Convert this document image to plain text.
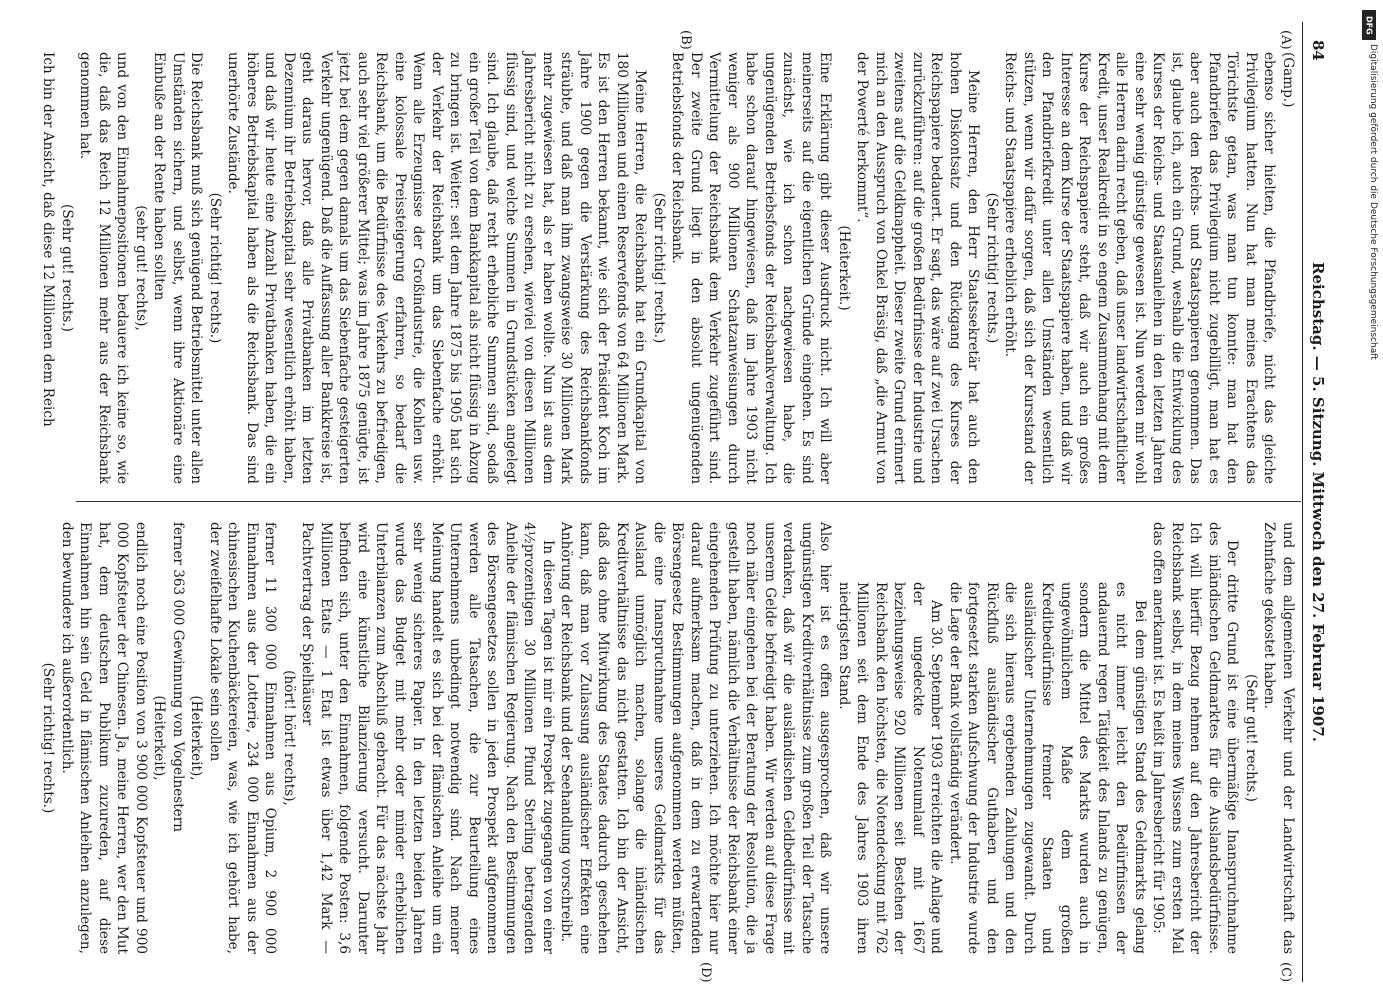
84
Reichstag. — 5. Sitzung. Mittwoch den 27. Februar 1907.
(A)
(B)
(C)
(D)

(Gamp.)

ebenso sicher hielten, die Pfandbriefe, nicht das gleiche Privilegium hatten. Nun hat man meines Erachtens das Törichtste getan, was man tun konnte: man hat den Pfandbriefen das Privilegium nicht zugebilligt, man hat es aber auch den Reichs- und Staatspapieren genommen. Das ist, glaube ich, auch ein Grund, weshalb die Entwicklung des Kurses der Reichs- und Staatsanleihen in den letzten Jahren eine sehr wenig günstige gewesen ist. Nun werden mir wohl alle Herren darin recht geben, daß unser landwirtschaftlicher Kredit, unser Realkredit in so engem Zusammenhang mit dem Kurse der Reichspapiere steht, daß wir auch ein großes Interesse an dem Kurse der Staatspapiere haben, und daß wir den Pfandbriefkredit unter allen Umständen wesentlich stützen, wenn wir dafür sorgen, daß sich der Kursstand der Reichs- und Staatspapiere erheblich erhöht.

(Sehr richtig! rechts.)

Meine Herren, den Herr Staatssekretär hat auch den hohen Diskontsatz und den Rückgang des Kurses der Reichspapiere bedauert. Er sagt, das wäre auf zwei Ursachen zurückzuführen: auf die großen Bedürfnisse der Industrie und zweitens auf die Geldknappheit. Dieser zweite Grund erinnert mich an den Ausspruch von Onkel Bräsig, daß „die Armut von der Powerté herkommt“.

(Heiterkeit.)

Eine Erklärung gibt dieser Ausdruck nicht. Ich will aber meinerseits auf die eigentlichen Gründe eingehen. Es sind zunächst, wie ich schon nachgewiesen habe, die ungenügenden Betriebsfonds der Reichsbankverwaltung. Ich habe schon darauf hingewiesen, daß im Jahre 1903 nicht weniger als 900 Millionen Schatzanweisungen durch Vermittelung der Reichsbank dem Verkehr zugeführt sind. Der zweite Grund liegt in den absolut ungenügenden Betriebsfonds der Reichsbank.

(Sehr richtig! rechts.)

Meine Herren, die Reichsbank hat ein Grundkapital von 180 Millionen und einen Reservefonds von 64 Millionen Mark. Es ist den Herren bekannt, wie sich der Präsident Koch im Jahre 1900 gegen die Verstärkung des Reichsbankfonds sträubte, und daß man ihm zwangsweise 30 Millionen Mark mehr zugewiesen hat, als er haben wollte. Nun ist aus dem Jahresbericht nicht zu ersehen, wieviel von diesen Millionen flüssig sind, und welche Summen in Grundstücken angelegt sind. Ich glaube, daß recht erhebliche Summen sind, sodaß ein großer Teil von dem Bankkapital als nicht flüssig in Abzug zu bringen ist. Weiter: seit dem Jahre 1875 bis 1905 hat sich der Verkehr der Reichsbank um das Siebenfache erhöht. Wenn alle Erzeugnisse der Großindustrie, die Kohlen usw. eine kolossale Preissteigerung erfahren, so bedarf die Reichsbank, um die Bedürfnisse des Verkehrs zu befriedigen, auch sehr viel größerer Mittel; was im Jahre 1875 genügte, ist jetzt bei dem gegen damals um das Siebenfache gesteigerten Verkehr ungenügend. Daß die Auffassung aller Bankkreise ist, geht daraus hervor, daß alle Privatbanken im letzten Dezennium ihr Betriebskapital sehr wesentlich erhöht haben, und daß wir heute eine Anzahl Privatbanken haben, die ein höheres Betriebskapital haben als die Reichsbank. Das sind unerhörte Zustände.

(Sehr richtig! rechts.)

Die Reichsbank muß sich genügend Betriebsmittel unter allen Umständen sichern, und selbst, wenn ihre Aktionäre eine Einbuße an der Rente haben sollten

(sehr gut! rechts),

und von den Einnahmepositionen bedauere ich keine so, wie die, daß das Reich 12 Millionen mehr aus der Reichsbank genommen hat.

(Sehr gut! rechts.)

Ich bin der Ansicht, daß diese 12 Millionen dem Reich

und dem allgemeinen Verkehr und der Landwirtschaft das Zehnfache gekostet haben.

(Sehr gut! rechts.)

Der dritte Grund ist eine übermäßige Inanspruchnahme des inländischen Geldmarktes für die Auslandsbedürfnisse. Ich will hierfür Bezug nehmen auf den Jahresbericht der Reichsbank selbst, in dem meines Wissens zum ersten Mal das offen anerkannt ist. Es heißt im Jahresbericht für 1905:

Bei dem günstigen Stand des Geldmarkts gelang es nicht immer leicht den Bedürfnissen der andauernd regen Tätigkeit des Inlands zu genügen, sondern die Mittel des Markts wurden auch in ungewöhnlichem Maße dem großen Kreditbedürfnisse fremder Staaten und ausländischer Unternehmungen zugewandt. Durch die sich hieraus ergebenden Zahlungen und den Rückfluß ausländischer Guthaben und den fortgesetzt starken Aufschwung der Industrie wurde die Lage der Bank vollständig verändert.

Am 30. September 1903 erreichten die Anlage und der ungedeckte Notenumlauf mit 1667 beziehungsweise 920 Millionen seit Bestehen der Reichsbank den höchsten, die Notendeckung mit 762 Millionen seit dem Ende des Jahres 1903 ihren niedrigsten Stand.

Also hier ist es offen ausgesprochen, daß wir unsere ungünstigen Kreditverhältnisse zum großen Teil der Tatsache verdanken, daß wir die ausländischen Geldbedürfnisse mit unserem Gelde befriedigt haben. Wir werden auf diese Frage noch näher eingehen bei der Beratung der Resolution, die ja gestellt haben, nämlich die Verhältnisse der Reichsbank einer eingehenden Prüfung zu unterziehen. Ich möchte hier nur darauf aufmerksam machen, daß in dem zu erwartenden Börsengesetz Bestimmungen aufgenommen werden müßten, die eine Inanspruchnahme unseres Geldmarkts für das Ausland unmöglich machen, solange die inländischen Kreditverhältnisse das nicht gestatten. Ich bin der Ansicht, daß das ohne Mitwirkung des Staates dadurch geschehen kann, daß man vor Zulassung ausländischer Effekten eine Anhörung der Reichsbank und der Seehandlung vorschreibt.

In diesen Tagen ist mir ein Prospekt zugegangen von einer 4½prozentigen 30 Millionen Pfund Sterling betragenden Anleihe der flämischen Regierung. Nach den Bestimmungen des Börsengesetzes sollen in jeden Prospekt aufgenommen werden alle Tatsachen, die zur Beurteilung eines Unternehmens unbedingt notwendig sind. Nach meiner Meinung handelt es sich bei der flämischen Anleihe um ein sehr wenig sicheres Papier. In den letzten beiden Jahren wurde das Budget mit mehr oder minder erheblichen Unterbilanzen zum Abschluß gebracht. Für das nächste Jahr wird eine künstliche Bilanzierung versucht. Darunter befinden sich, unter den Einnahmen, folgende Posten: 3,6 Millionen Etats — 1 Etat ist etwas über 1,42 Mark — Pachtvertrag der Spielhäuser

(hört! hört! rechts),

ferner 11 300 000 Einnahmen aus Opium, 2 900 000 Einnahmen aus der Lotterie, 234 000 Einnahmen aus der chinesischen Kuchenbäckereien, was, wie ich gehört habe, der zweifelhafte Lokale sein sollen

(Heiterkeit),

ferner 363 000 Gewinnung von Vogelnestern

(Heiterkeit),

endlich noch eine Position von 3 900 000 Kopfsteuer und 900 000 Kopfsteuer der Chinesen. Ja, meine Herren, wer den Mut hat, dem deutschen Publikum zuzureden, auf diese Einnahmen hin sein Geld in flämischen Anleihen anzulegen, den bewundere ich außerordentlich.

(Sehr richtig! rechts.)

DFG
Digitalisierung gefördert durch die Deutsche Forschungsgemeinschaft
